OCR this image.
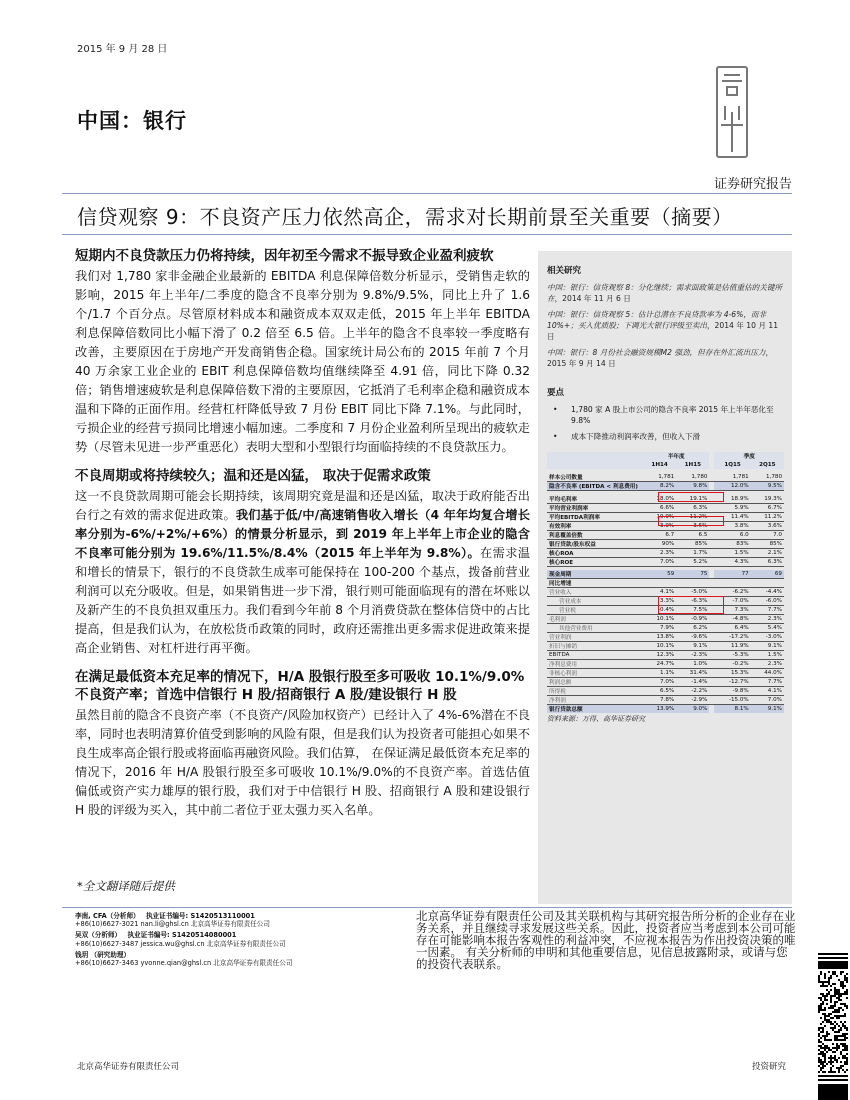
2015 年 9 月 28 日
中国：银行
证券研究报告
信贷观察 9：不良资产压力依然高企，需求对长期前景至关重要（摘要）
短期内不良贷款压力仍将持续，因年初至今需求不振导致企业盈利疲软

我们对 1,780 家非金融企业最新的 EBITDA 利息保障倍数分析显示，受销售走软的影响，2015 年上半年/二季度的隐含不良率分别为 9.8%/9.5%，同比上升了 1.6 个/1.7 个百分点。尽管原材料成本和融资成本双双走低，2015 年上半年 EBITDA 利息保障倍数同比小幅下滑了 0.2 倍至 6.5 倍。上半年的隐含不良率较一季度略有改善，主要原因在于房地产开发商销售企稳。国家统计局公布的 2015 年前 7 个月 40 万余家工业企业的 EBIT 利息保障倍数均值继续降至 4.91 倍，同比下降 0.32 倍；销售增速疲软是利息保障倍数下滑的主要原因，它抵消了毛利率企稳和融资成本温和下降的正面作用。经营杠杆降低导致 7 月份 EBIT 同比下降 7.1%。与此同时，亏损企业的经营亏损同比增速小幅加速。二季度和 7 月份企业盈利所呈现出的疲软走势（尽管未见进一步严重恶化）表明大型和小型银行均面临持续的不良贷款压力。

不良周期或将持续较久；温和还是凶猛， 取决于促需求政策

这一不良贷款周期可能会长期持续，该周期究竟是温和还是凶猛，取决于政府能否出台行之有效的需求促进政策。我们基于低/中/高速销售收入增长（4 年年均复合增长率分别为-6%/+2%/+6%）的情景分析显示，到 2019 年上半年上市企业的隐含不良率可能分别为 19.6%/11.5%/8.4%（2015 年上半年为 9.8%）。在需求温和增长的情景下，银行的不良贷款生成率可能保持在 100-200 个基点，拨备前营业利润可以充分吸收。但是，如果销售进一步下滑，银行则可能面临现有的潜在坏账以及新产生的不良负担双重压力。我们看到今年前 8 个月消费贷款在整体信贷中的占比提高，但是我们认为，在放松货币政策的同时，政府还需推出更多需求促进政策来提高企业销售、对杠杆进行再平衡。

在满足最低资本充足率的情况下，H/A 股银行股至多可吸收 10.1%/9.0%不良资产率；首选中信银行 H 股/招商银行 A 股/建设银行 H 股

虽然目前的隐含不良资产率（不良资产/风险加权资产）已经计入了 4%-6%潜在不良率，同时也表明清算价值受到影响的风险有限，但是我们认为投资者可能担心如果不良生成率高企银行股或将面临再融资风险。我们估算， 在保证满足最低资本充足率的情况下，2016 年 H/A 股银行股至多可吸收 10.1%/9.0%的不良资产率。首选估值偏低或资产实力雄厚的银行股，我们对于中信银行 H 股、招商银行 A 股和建设银行 H 股的评级为买入，其中前二者位于亚太强力买入名单。

相关研究
中国：银行：信贷观察 8：分化继续；需求面政策是估值重估的关键所在，2014 年 11 月 6 日
中国：银行：信贷观察 5：估计总潜在不良贷款率为 4-6%，而非 10%+；买入优质股；下调光大银行评级至卖出，2014 年 10 月 11 日
中国：银行：8 月份社会融资规模M2 强劲，但存在外汇流出压力，2015 年 9 月 14 日
要点
•	1,780 家 A 股上市公司的隐含不良率 2015 年上半年恶化至 9.8%
•	成本下降推动利润率改善，但收入下滑
	半年度			季度	
	1H14	1H15		1Q15	2Q15

样本公司数量	1,781	1,780		1,781	1,780
隐含不良率 (EBITDA < 利息费用)	8.2%	9.8%		12.0%	9.5%

平均毛利率	18.0%	19.1%		18.9%	19.3%
平均营业利润率	6.6%	6.3%		5.9%	6.7%
平均EBITDA利润率	10.9%	11.2%		11.4%	11.2%
有效利率	3.9%	3.6%		3.8%	3.6%
利息覆盖倍数	6.7	6.5		6.0	7.0
银行贷款/股东权益	90%	85%		83%	85%
核心ROA	2.3%	1.7%		1.5%	2.1%
核心ROE	7.0%	5.2%		4.3%	6.3%

现金周期	59	75		77	69
同比增速					
营业收入	4.1%	-5.0%		-6.2%	-4.4%
营业成本	3.3%	-6.3%		-7.0%	-6.0%
营业税	-0.4%	7.5%		7.3%	7.7%
毛利润	10.1%	-0.9%		-4.8%	2.3%
其他营业费用	7.9%	6.2%		6.4%	5.4%
营业利润	13.8%	-9.6%		-17.2%	-3.0%
折旧与摊销	10.1%	9.1%		11.9%	9.1%
EBITDA	12.3%	-2.3%		-5.3%	1.5%
净利息费用	24.7%	1.0%		-0.2%	2.3%
非核心利润	1.1%	31.4%		15.3%	44.0%
利润总额	7.0%	-1.4%		-12.7%	7.7%
所得税	6.5%	-2.2%		-9.8%	4.1%
净利润	7.8%	-2.9%		-15.0%	7.0%
银行贷款总额	13.9%	9.0%		8.1%	9.1%
资料来源：万得、高华证券研究
*全文翻译随后提供
李南, CFA（分析师） 执业证书编号: S1420513110001
+86(10)6627-3021 nan.li@ghsl.cn 北京高华证券有限责任公司
吴双（分析师） 执业证书编号: S1420514080001
+86(10)6627-3487 jessica.wu@ghsl.cn 北京高华证券有限责任公司
钱玥 （研究助理）
+86(10)6627-3463 yvonne.qian@ghsl.cn 北京高华证券有限责任公司
北京高华证券有限责任公司及其关联机构与其研究报告所分析的企业存在业务关系，并且继续寻求发展这些关系。因此，投资者应当考虑到本公司可能存在可能影响本报告客观性的利益冲突，不应视本报告为作出投资决策的唯一因素。 有关分析师的申明和其他重要信息，见信息披露附录，或请与您的投资代表联系。
北京高华证券有限责任公司	投资研究
